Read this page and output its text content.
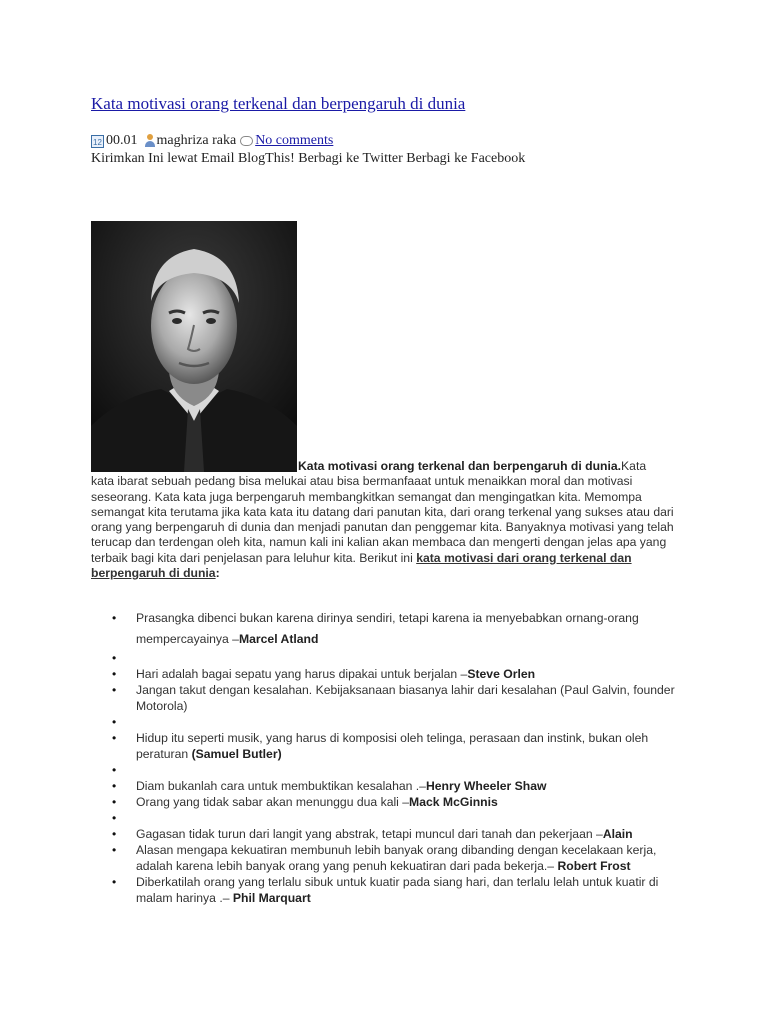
Kata motivasi orang terkenal dan berpengaruh di dunia
12 00.01 maghriza raka No comments
Kirimkan Ini lewat Email BlogThis! Berbagi ke Twitter Berbagi ke Facebook
Kata motivasi orang terkenal dan berpengaruh di dunia.Kata
kata ibarat sebuah pedang bisa melukai atau bisa bermanfaaat untuk menaikkan moral dan motivasi seseorang. Kata kata juga berpengaruh membangkitkan semangat dan mengingatkan kita. Memompa semangat kita terutama jika kata kata itu datang dari panutan kita, dari orang terkenal yang sukses atau dari orang yang berpengaruh di dunia dan menjadi panutan dan penggemar kita. Banyaknya motivasi yang telah terucap dan terdengan oleh kita, namun kali ini kalian akan membaca dan mengerti dengan jelas apa yang terbaik bagi kita dari penjelasan para leluhur kita. Berikut ini kata motivasi dari orang terkenal dan berpengaruh di dunia:
• Prasangka dibenci bukan karena dirinya sendiri, tetapi karena ia menyebabkan ornang-orang mempercayainya –Marcel Atland
•
• Hari adalah bagai sepatu yang harus dipakai untuk berjalan –Steve Orlen
• Jangan takut dengan kesalahan. Kebijaksanaan biasanya lahir dari kesalahan (Paul Galvin, founder Motorola)
•
• Hidup itu seperti musik, yang harus di komposisi oleh telinga, perasaan dan instink, bukan oleh peraturan (Samuel Butler)
•
• Diam bukanlah cara untuk membuktikan kesalahan .–Henry Wheeler Shaw
• Orang yang tidak sabar akan menunggu dua kali –Mack McGinnis
•
• Gagasan tidak turun dari langit yang abstrak, tetapi muncul dari tanah dan pekerjaan –Alain
• Alasan mengapa kekuatiran membunuh lebih banyak orang dibanding dengan kecelakaan kerja, adalah karena lebih banyak orang yang penuh kekuatiran dari pada bekerja.– Robert Frost
• Diberkatilah orang yang terlalu sibuk untuk kuatir pada siang hari, dan terlalu lelah untuk kuatir di malam harinya .– Phil Marquart
